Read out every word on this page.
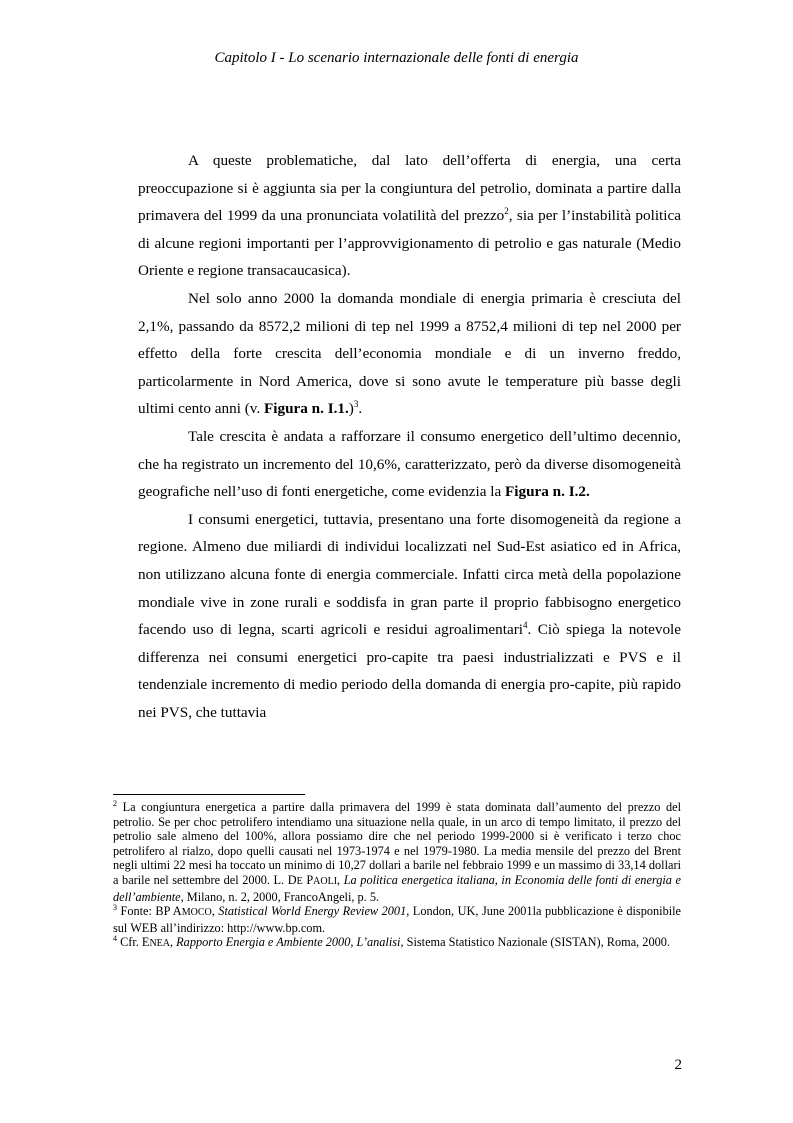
Capitolo I - Lo scenario internazionale delle fonti di energia

A queste problematiche, dal lato dell’offerta di energia, una certa preoccupazione si è aggiunta sia per la congiuntura del petrolio, dominata a partire dalla primavera del 1999 da una pronunciata volatilità del prezzo$^2$, sia per l’instabilità politica di alcune regioni importanti per l’approvvigionamento di petrolio e gas naturale (Medio Oriente e regione transacaucasica).

Nel solo anno 2000 la domanda mondiale di energia primaria è cresciuta del 2,1%, passando da 8572,2 milioni di tep nel 1999 a 8752,4 milioni di tep nel 2000 per effetto della forte crescita dell’economia mondiale e di un inverno freddo, particolarmente in Nord America, dove si sono avute le temperature più basse degli ultimi cento anni (v. Figura n. I.1.)$^3$.

Tale crescita è andata a rafforzare il consumo energetico dell’ultimo decennio, che ha registrato un incremento del 10,6%, caratterizzato, però da diverse disomogeneità geografiche nell’uso di fonti energetiche, come evidenzia la Figura n. I.2.

I consumi energetici, tuttavia, presentano una forte disomogeneità da regione a regione. Almeno due miliardi di individui localizzati nel Sud-Est asiatico ed in Africa, non utilizzano alcuna fonte di energia commerciale. Infatti circa metà della popolazione mondiale vive in zone rurali e soddisfa in gran parte il proprio fabbisogno energetico facendo uso di legna, scarti agricoli e residui agroalimentari$^4$. Ciò spiega la notevole differenza nei consumi energetici pro-capite tra paesi industrializzati e PVS e il tendenziale incremento di medio periodo della domanda di energia pro-capite, più rapido nei PVS, che tuttavia

$^2$ La congiuntura energetica a partire dalla primavera del 1999 è stata dominata dall’aumento del prezzo del petrolio. Se per choc petrolifero intendiamo una situazione nella quale, in un arco di tempo limitato, il prezzo del petrolio sale almeno del 100%, allora possiamo dire che nel periodo 1999-2000 si è verificato i terzo choc petrolifero al rialzo, dopo quelli causati nel 1973-1974 e nel 1979-1980. La media mensile del prezzo del Brent negli ultimi 22 mesi ha toccato un minimo di 10,27 dollari a barile nel febbraio 1999 e un massimo di 33,14 dollari a barile nel settembre del 2000. L. DE PAOLI, La politica energetica italiana, in Economia delle fonti di energia e dell’ambiente, Milano, n. 2, 2000, FrancoAngeli, p. 5.

$^3$ Fonte: BP AMOCO, Statistical World Energy Review 2001, London, UK, June 2001la pubblicazione è disponibile sul WEB all’indirizzo: http://www.bp.com.

$^4$ Cfr. ENEA, Rapporto Energia e Ambiente 2000, L’analisi, Sistema Statistico Nazionale (SISTAN), Roma, 2000.

2
